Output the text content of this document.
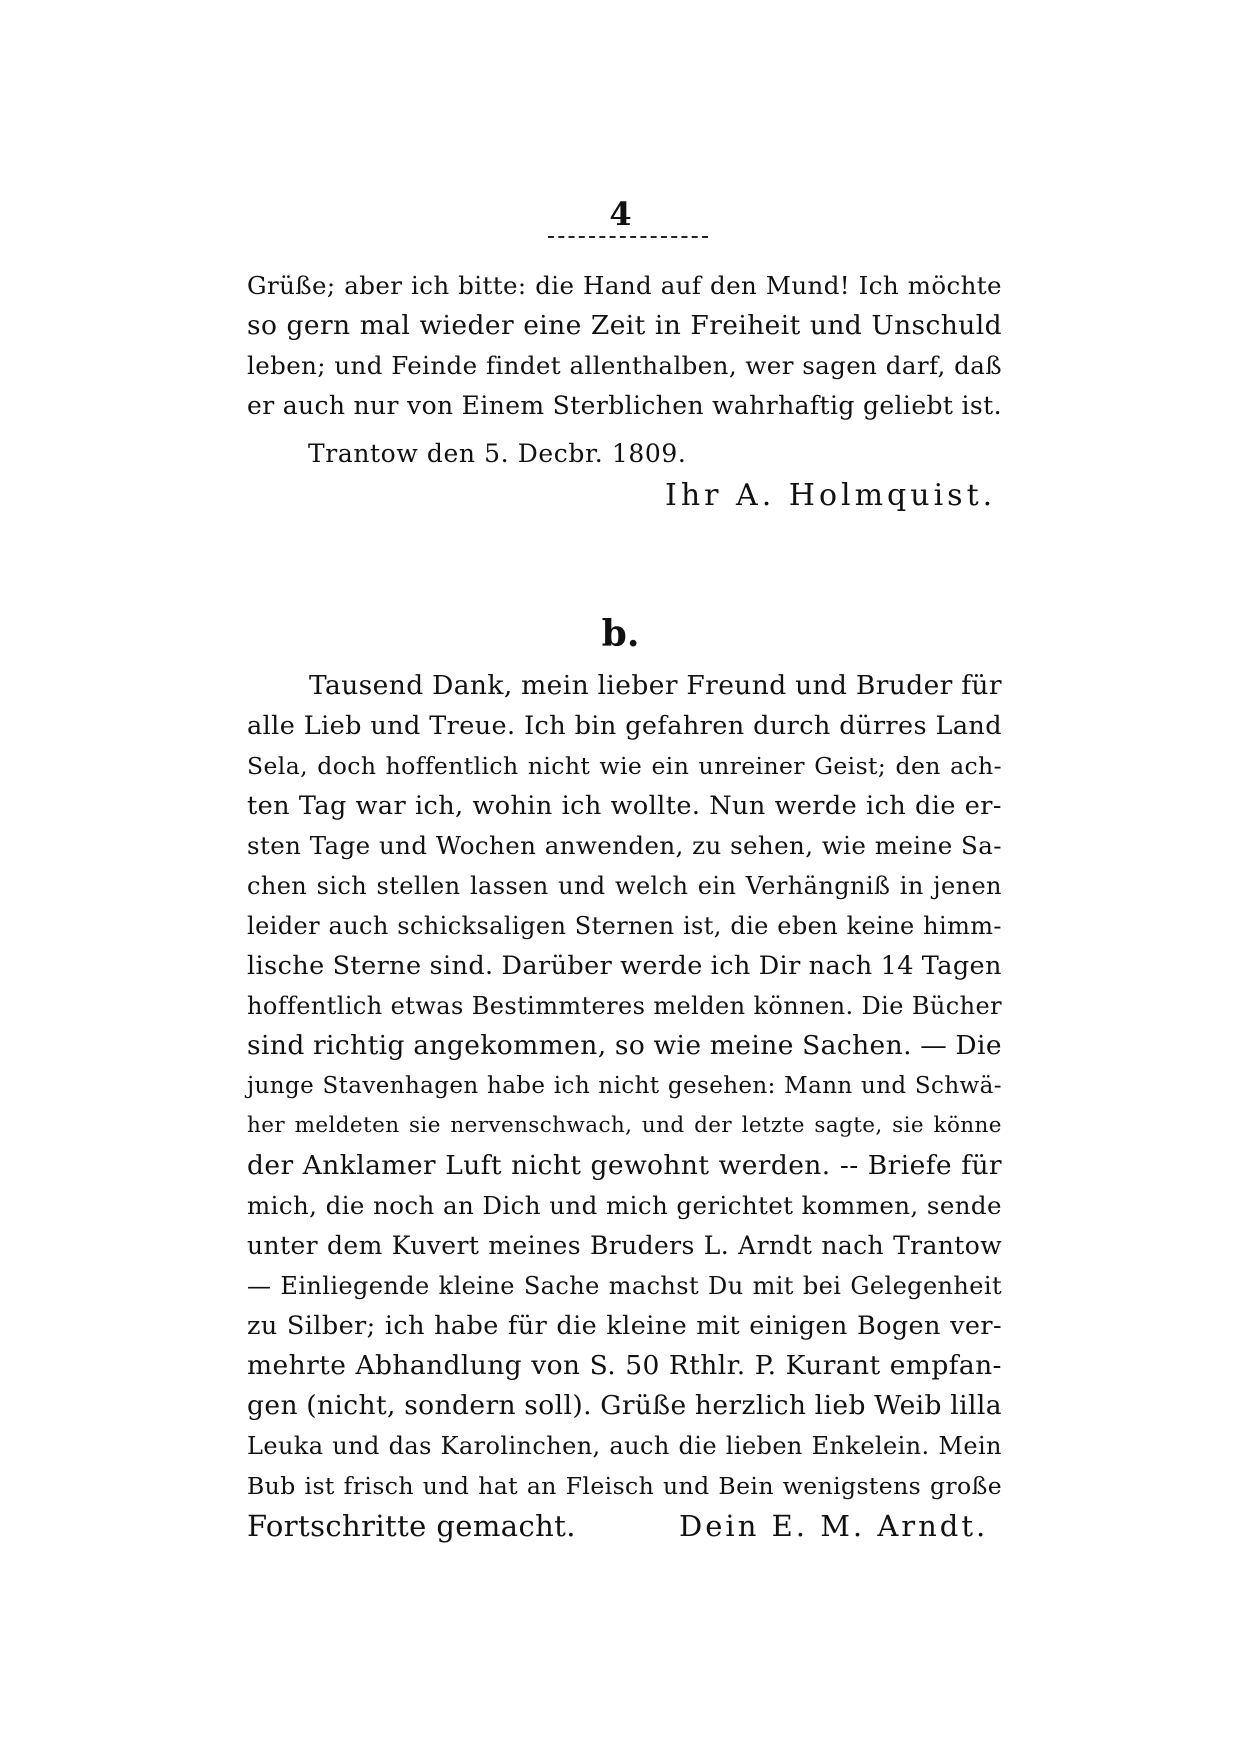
4
Grüße; aber ich bitte: die Hand auf den Mund! Ich möchte
so gern mal wieder eine Zeit in Freiheit und Unschuld
leben; und Feinde findet allenthalben, wer sagen darf, daß
er auch nur von Einem Sterblichen wahrhaftig geliebt ist.
Trantow den 5. Decbr. 1809.
Ihr A. Holmquist.
b.
Tausend Dank, mein lieber Freund und Bruder für
alle Lieb und Treue. Ich bin gefahren durch dürres Land
Sela, doch hoffentlich nicht wie ein unreiner Geist; den ach-
ten Tag war ich, wohin ich wollte. Nun werde ich die er-
sten Tage und Wochen anwenden, zu sehen, wie meine Sa-
chen sich stellen lassen und welch ein Verhängniß in jenen
leider auch schicksaligen Sternen ist, die eben keine himm-
lische Sterne sind. Darüber werde ich Dir nach 14 Tagen
hoffentlich etwas Bestimmteres melden können. Die Bücher
sind richtig angekommen, so wie meine Sachen. — Die
junge Stavenhagen habe ich nicht gesehen: Mann und Schwä-
her meldeten sie nervenschwach, und der letzte sagte, sie könne
der Anklamer Luft nicht gewohnt werden. -- Briefe für
mich, die noch an Dich und mich gerichtet kommen, sende
unter dem Kuvert meines Bruders L. Arndt nach Trantow
— Einliegende kleine Sache machst Du mit bei Gelegenheit
zu Silber; ich habe für die kleine mit einigen Bogen ver-
mehrte Abhandlung von S. 50 Rthlr. P. Kurant empfan-
gen (nicht, sondern soll). Grüße herzlich lieb Weib lilla
Leuka und das Karolinchen, auch die lieben Enkelein. Mein
Bub ist frisch und hat an Fleisch und Bein wenigstens große
Fortschritte gemacht.	Dein E. M. Arndt.
